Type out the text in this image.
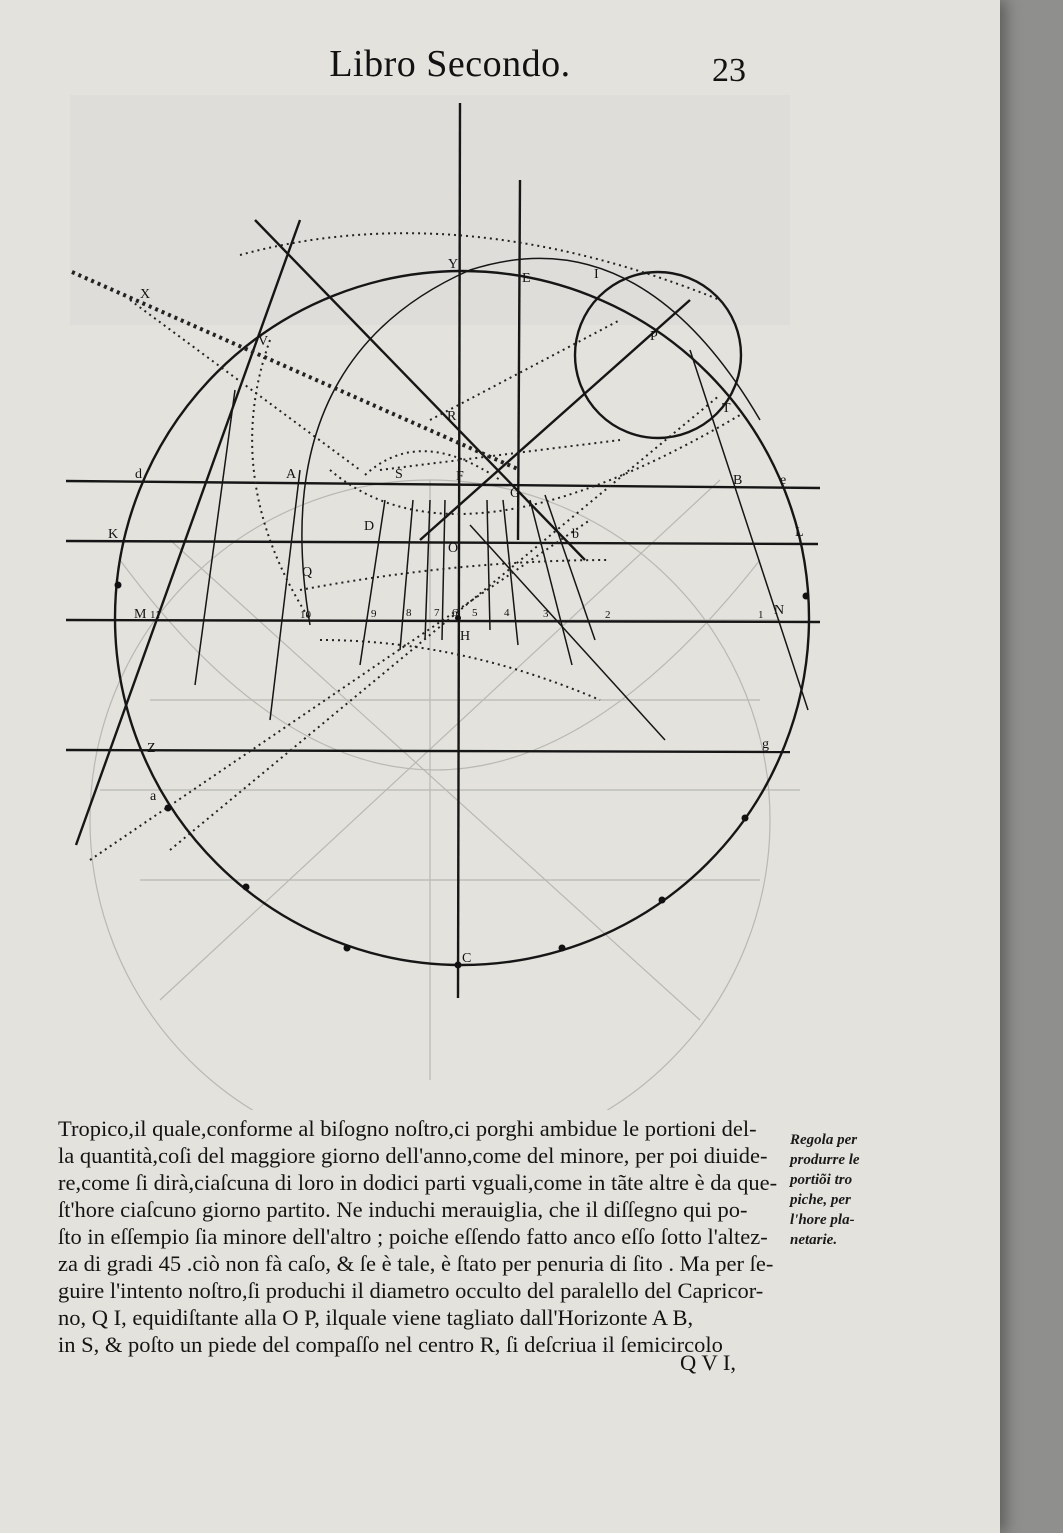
Libro Secondo.	23
Y
E	I
X
V
R
P
T
d	A	S	F
G
B	e
K
D
O
b	L
Q
M 11	10	9	8 7 6 5 4	3	2	1 N
H
Z	g
a
C
Tropico,il quale,conforme al biſogno noſtro,ci porghi ambidue le portioni del-
la quantità,coſi del maggiore giorno dell'anno,come del minore, per poi diuide-
re,come ſi dirà,ciaſcuna di loro in dodici parti vguali,come in tãte altre è da que-
ſt'hore ciaſcuno giorno partito. Ne induchi merauiglia, che il diſſegno qui po-
ſto in eſſempio ſia minore dell'altro ; poiche eſſendo fatto anco eſſo ſotto l'altez-
za di gradi 45 .ciò non fà caſo, & ſe è tale, è ſtato per penuria di ſito . Ma per ſe-
guire l'intento noſtro,ſi produchi il diametro occulto del paralello del Capricor-
no, Q I, equidiſtante alla O P, ilquale viene tagliato dall'Horizonte A B,
in S, & poſto un piede del compaſſo nel centro R, ſi deſcriua il ſemicircolo
Regola per
produrre le
portiõi tro
piche, per
l'hore pla-
netarie.
Q V I,
